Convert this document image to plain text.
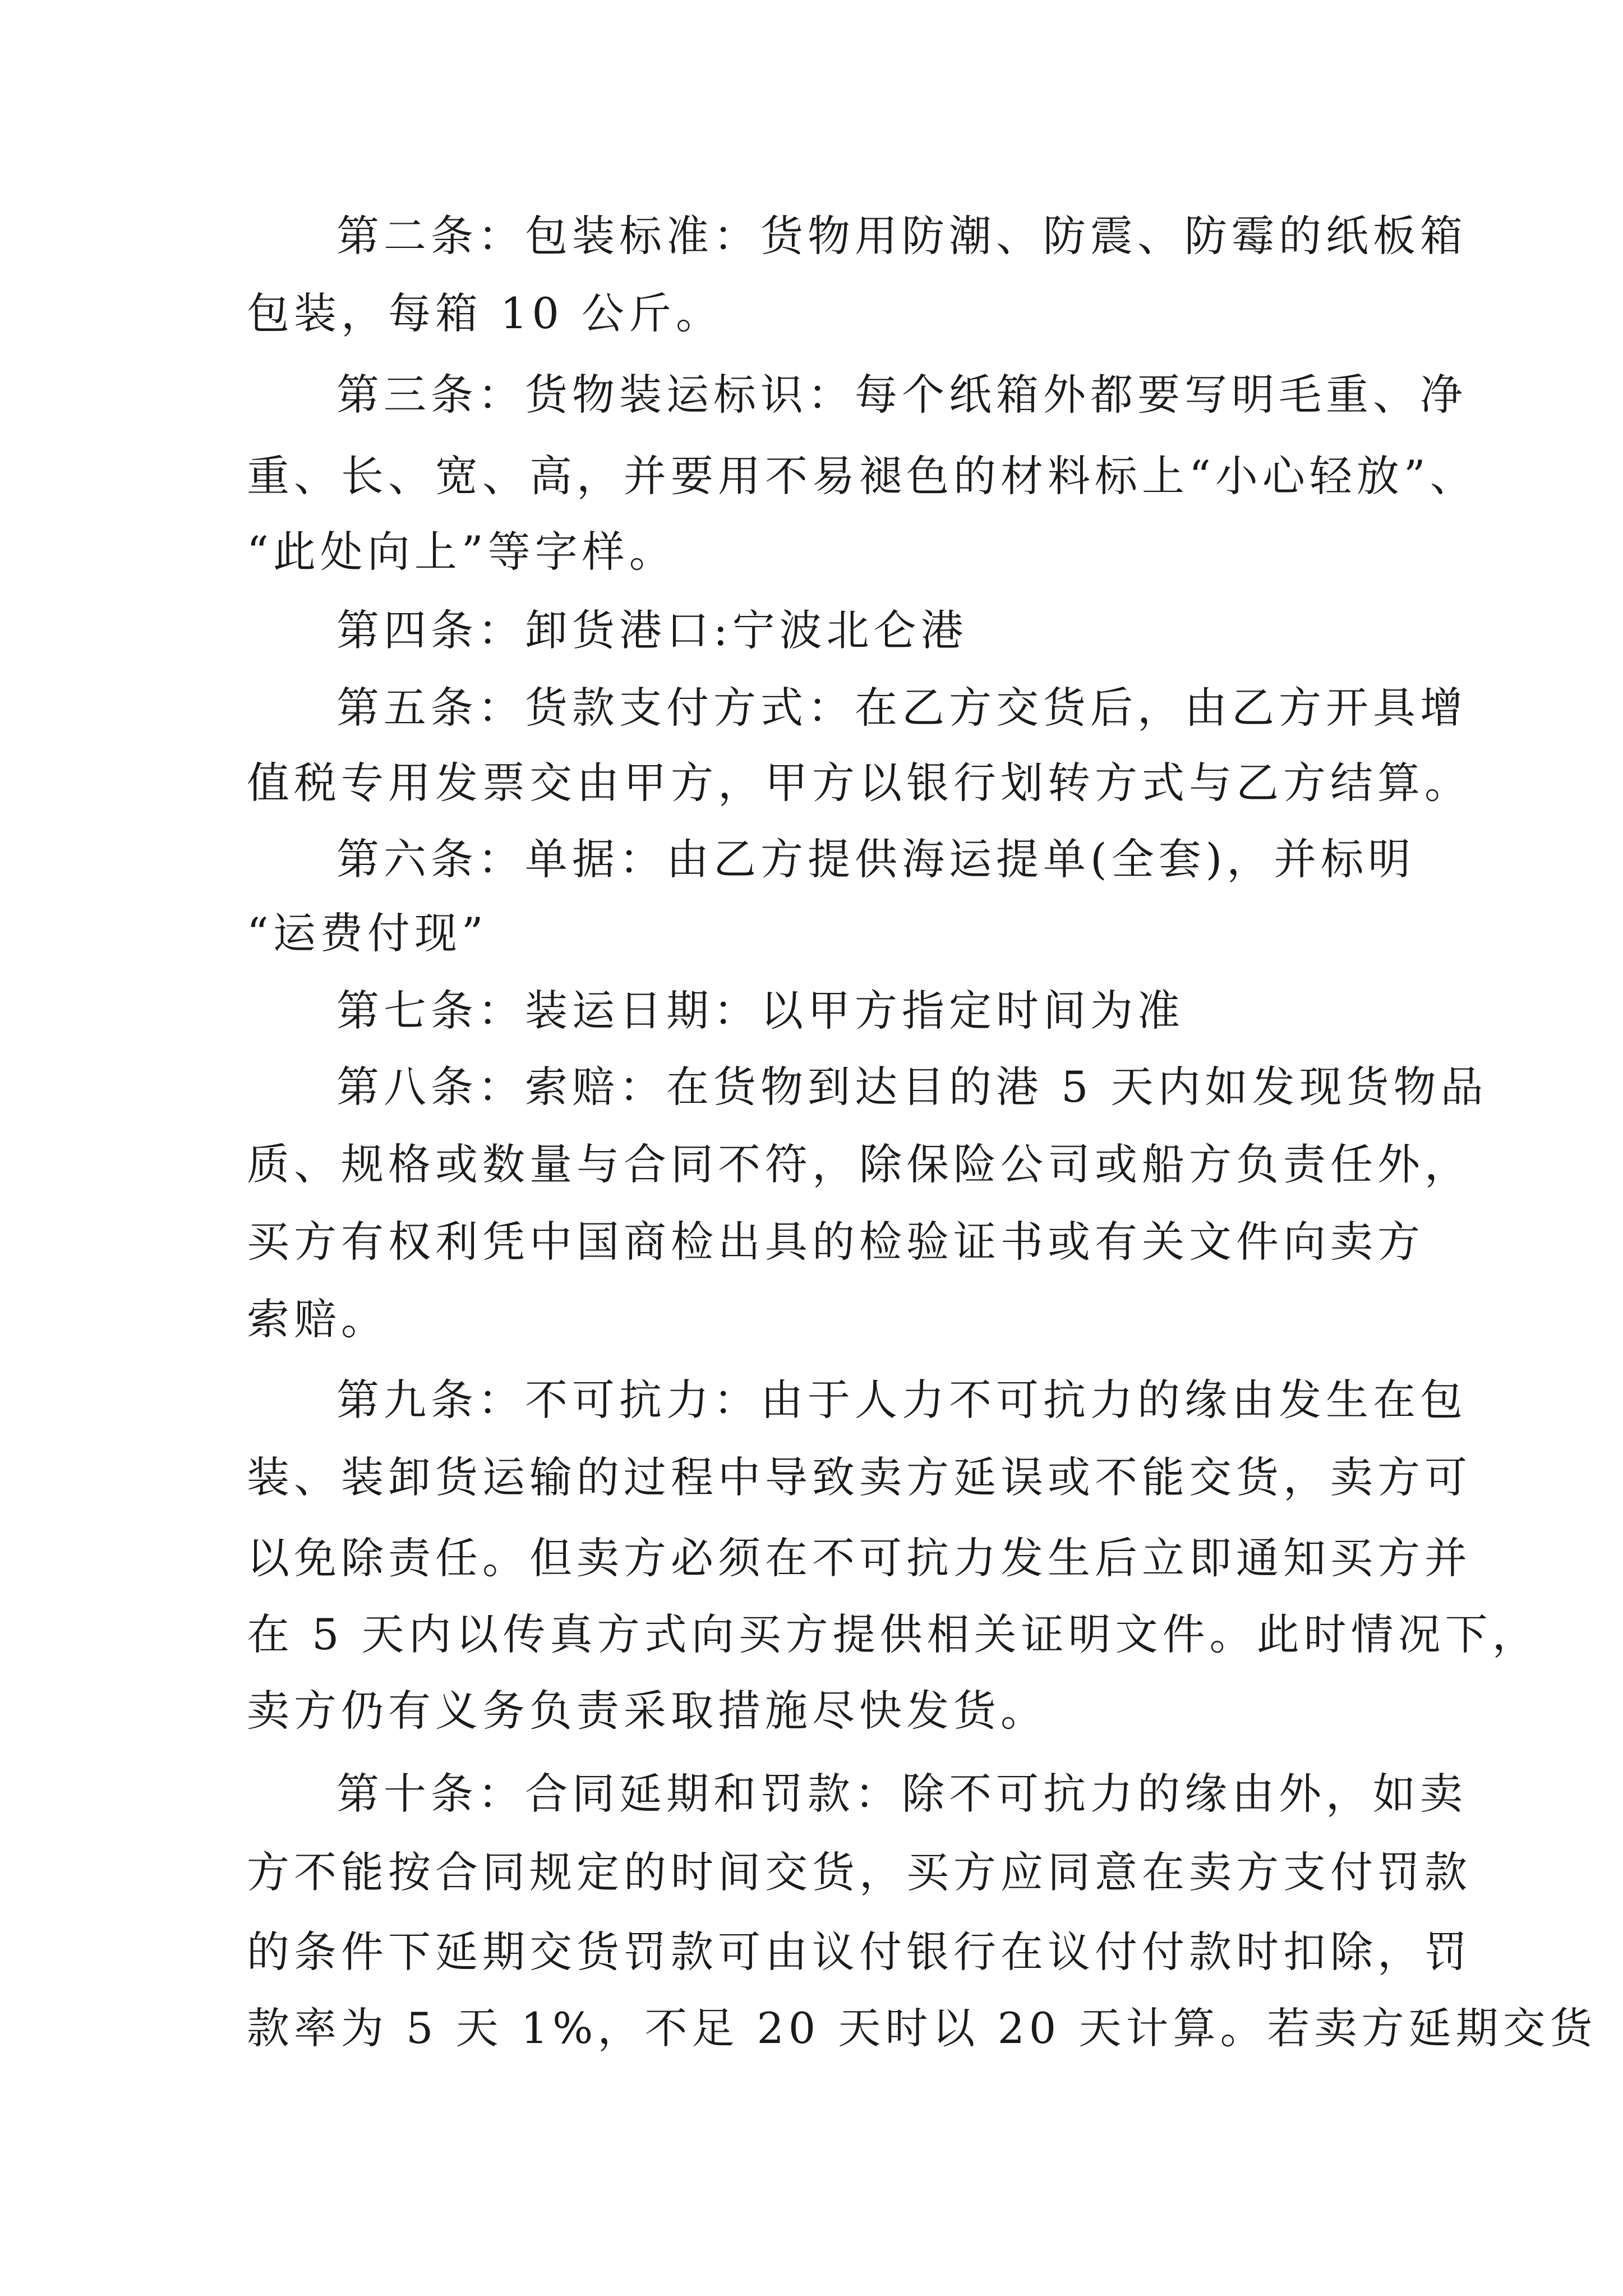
第二条：包装标准：货物用防潮、防震、防霉的纸板箱
包装，每箱 10 公斤。
第三条：货物装运标识：每个纸箱外都要写明毛重、净
重、长、宽、高，并要用不易褪色的材料标上“小心轻放”、
“此处向上”等字样。
第四条：卸货港口:宁波北仑港
第五条：货款支付方式：在乙方交货后，由乙方开具增
值税专用发票交由甲方，甲方以银行划转方式与乙方结算。
第六条：单据：由乙方提供海运提单(全套)，并标明
“运费付现”
第七条：装运日期：以甲方指定时间为准
第八条：索赔：在货物到达目的港 5 天内如发现货物品
质、规格或数量与合同不符，除保险公司或船方负责任外，
买方有权利凭中国商检出具的检验证书或有关文件向卖方
索赔。
第九条：不可抗力：由于人力不可抗力的缘由发生在包
装、装卸货运输的过程中导致卖方延误或不能交货，卖方可
以免除责任。但卖方必须在不可抗力发生后立即通知买方并
在 5 天内以传真方式向买方提供相关证明文件。此时情况下，
卖方仍有义务负责采取措施尽快发货。
第十条：合同延期和罚款：除不可抗力的缘由外，如卖
方不能按合同规定的时间交货，买方应同意在卖方支付罚款
的条件下延期交货罚款可由议付银行在议付付款时扣除，罚
款率为 5 天 1%，不足 20 天时以 20 天计算。若卖方延期交货
